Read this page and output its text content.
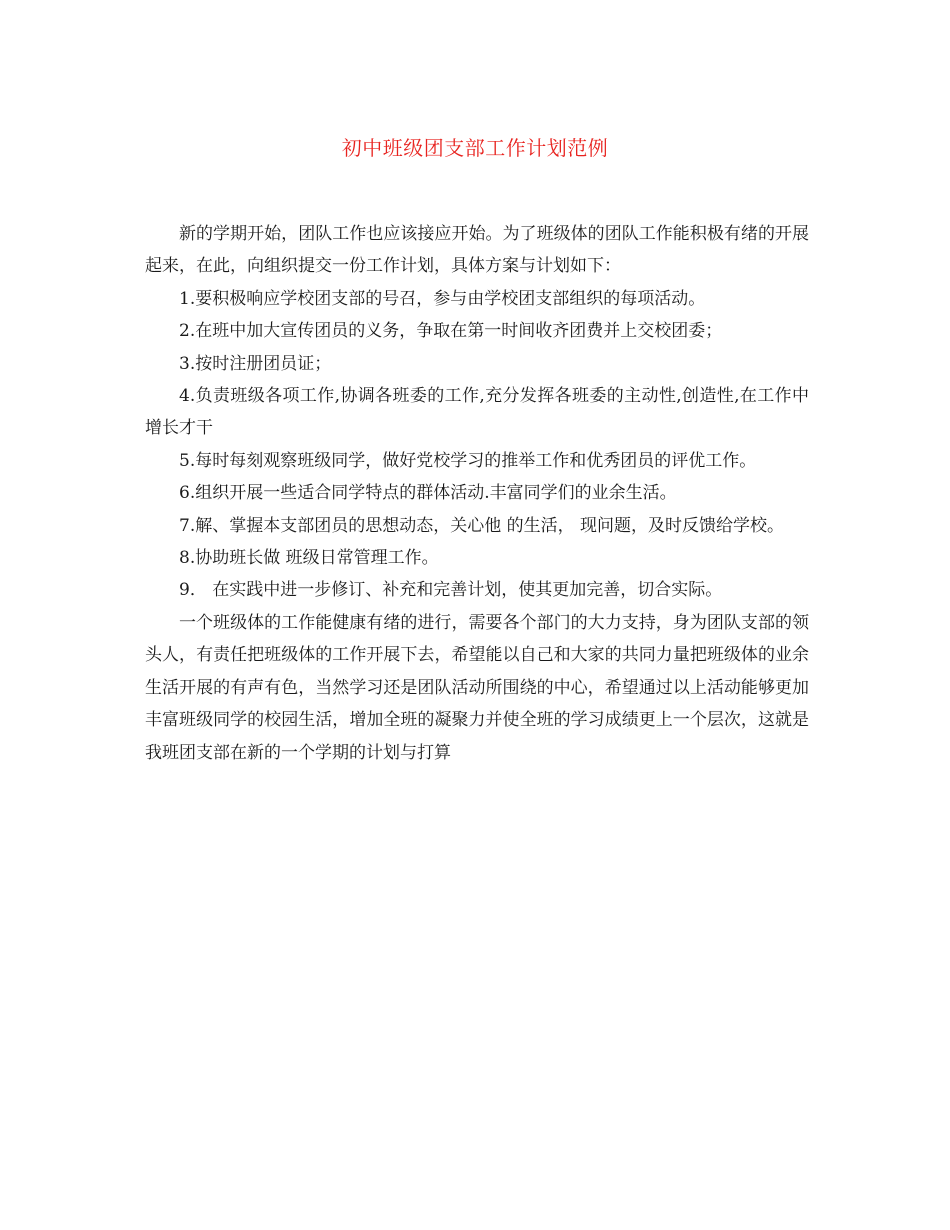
初中班级团支部工作计划范例

新的学期开始，团队工作也应该接应开始。为了班级体的团队工作能积极有绪的开展起来，在此，向组织提交一份工作计划，具体方案与计划如下：

1.要积极响应学校团支部的号召，参与由学校团支部组织的每项活动。

2.在班中加大宣传团员的义务，争取在第一时间收齐团费并上交校团委；

3.按时注册团员证；

4.负责班级各项工作,协调各班委的工作,充分发挥各班委的主动性,创造性,在工作中增长才干

5.每时每刻观察班级同学，做好党校学习的推举工作和优秀团员的评优工作。

6.组织开展一些适合同学特点的群体活动.丰富同学们的业余生活。

7.解、掌握本支部团员的思想动态，关心他 的生活， 现问题，及时反馈给学校。

8.协助班长做 班级日常管理工作。

9． 在实践中进一步修订、补充和完善计划，使其更加完善，切合实际。

一个班级体的工作能健康有绪的进行，需要各个部门的大力支持，身为团队支部的领头人，有责任把班级体的工作开展下去，希望能以自己和大家的共同力量把班级体的业余生活开展的有声有色，当然学习还是团队活动所围绕的中心，希望通过以上活动能够更加丰富班级同学的校园生活，增加全班的凝聚力并使全班的学习成绩更上一个层次，这就是我班团支部在新的一个学期的计划与打算
